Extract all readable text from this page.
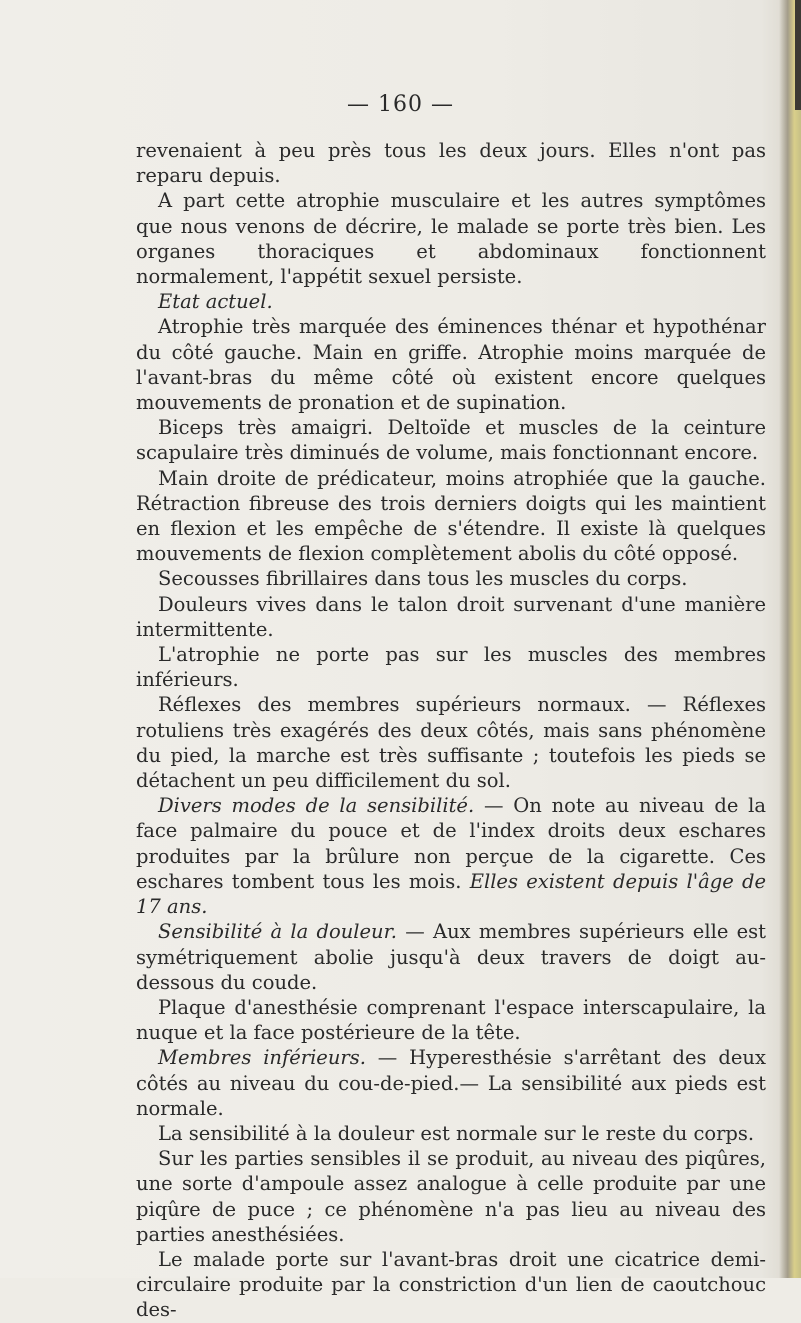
— 160 —

revenaient à peu près tous les deux jours. Elles n'ont pas reparu depuis.

A part cette atrophie musculaire et les autres symptômes que nous venons de décrire, le malade se porte très bien. Les organes thoraciques et abdominaux fonctionnent normalement, l'appétit sexuel persiste.

Etat actuel.

Atrophie très marquée des éminences thénar et hypothénar du côté gauche. Main en griffe. Atrophie moins marquée de l'avant-bras du même côté où existent encore quelques mouvements de pronation et de supination.

Biceps très amaigri. Deltoïde et muscles de la ceinture scapulaire très diminués de volume, mais fonctionnant encore.

Main droite de prédicateur, moins atrophiée que la gauche. Rétraction fibreuse des trois derniers doigts qui les maintient en flexion et les empêche de s'étendre. Il existe là quelques mouvements de flexion complètement abolis du côté opposé.

Secousses fibrillaires dans tous les muscles du corps.

Douleurs vives dans le talon droit survenant d'une manière intermittente.

L'atrophie ne porte pas sur les muscles des membres inférieurs.

Réflexes des membres supérieurs normaux. — Réflexes rotuliens très exagérés des deux côtés, mais sans phénomène du pied, la marche est très suffisante ; toutefois les pieds se détachent un peu difficilement du sol.

Divers modes de la sensibilité. — On note au niveau de la face palmaire du pouce et de l'index droits deux eschares produites par la brûlure non perçue de la cigarette. Ces eschares tombent tous les mois. Elles existent depuis l'âge de 17 ans.

Sensibilité à la douleur. — Aux membres supérieurs elle est symétriquement abolie jusqu'à deux travers de doigt au-dessous du coude.

Plaque d'anesthésie comprenant l'espace interscapulaire, la nuque et la face postérieure de la tête.

Membres inférieurs. — Hyperesthésie s'arrêtant des deux côtés au niveau du cou-de-pied.— La sensibilité aux pieds est normale.

La sensibilité à la douleur est normale sur le reste du corps.

Sur les parties sensibles il se produit, au niveau des piqûres, une sorte d'ampoule assez analogue à celle produite par une piqûre de puce ; ce phénomène n'a pas lieu au niveau des parties anesthésiées.

Le malade porte sur l'avant-bras droit une cicatrice demi-circulaire produite par la constriction d'un lien de caoutchouc des-
